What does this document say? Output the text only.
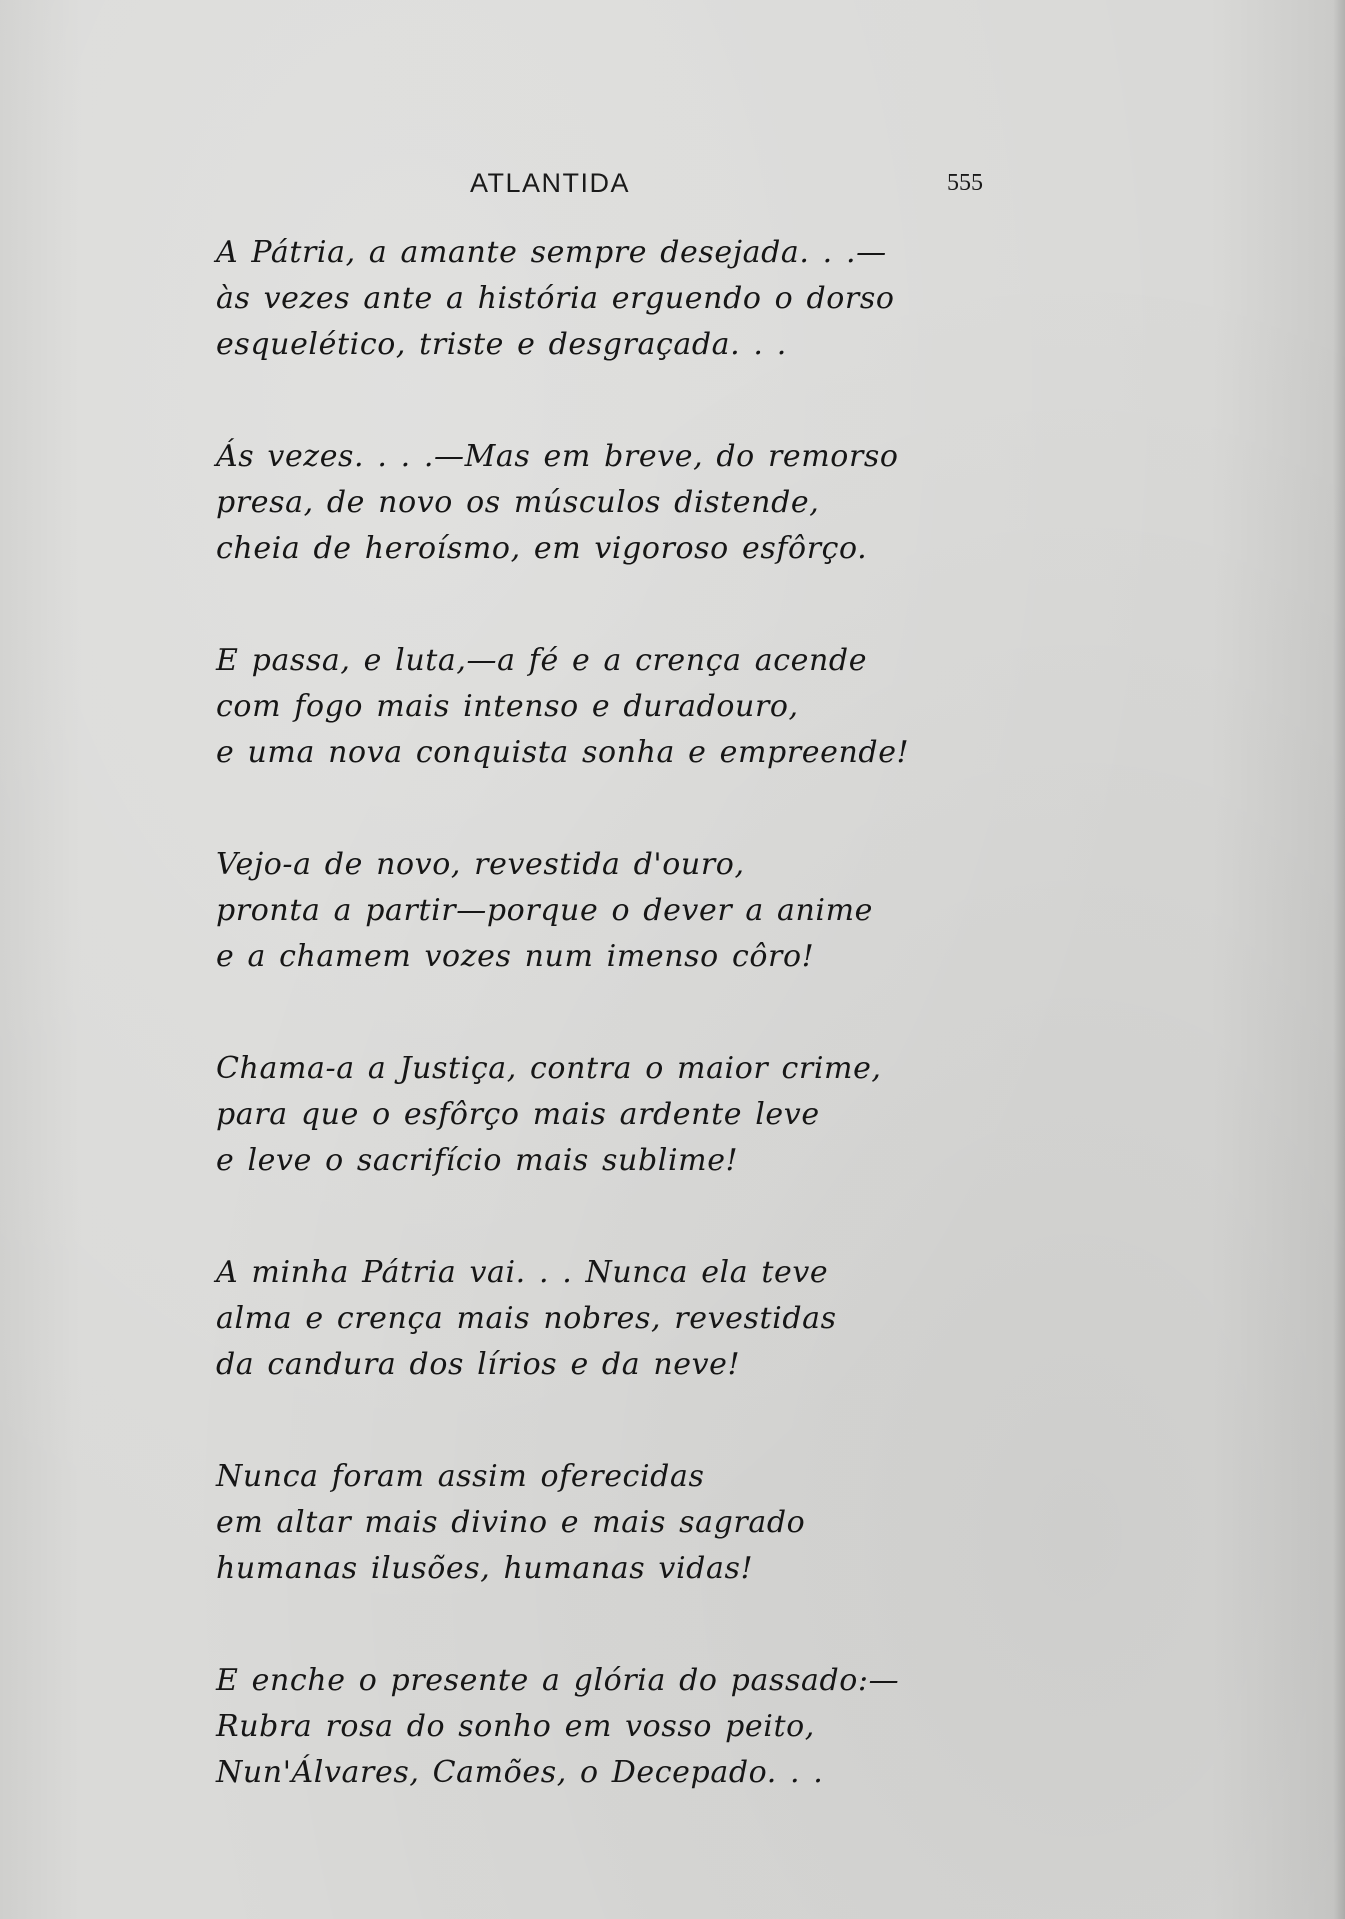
ATLANTIDA	555
A Pátria, a amante sempre desejada. . .—
às vezes ante a história erguendo o dorso
esquelético, triste e desgraçada. . .
Ás vezes. . . .—Mas em breve, do remorso
presa, de novo os músculos distende,
cheia de heroísmo, em vigoroso esfôrço.
E passa, e luta,—a fé e a crença acende
com fogo mais intenso e duradouro,
e uma nova conquista sonha e empreende!
Vejo-a de novo, revestida d'ouro,
pronta a partir—porque o dever a anime
e a chamem vozes num imenso côro!
Chama-a a Justiça, contra o maior crime,
para que o esfôrço mais ardente leve
e leve o sacrifício mais sublime!
A minha Pátria vai. . . Nunca ela teve
alma e crença mais nobres, revestidas
da candura dos lírios e da neve!
Nunca foram assim oferecidas
em altar mais divino e mais sagrado
humanas ilusões, humanas vidas!
E enche o presente a glória do passado:—
Rubra rosa do sonho em vosso peito,
Nun'Álvares, Camões, o Decepado. . .
